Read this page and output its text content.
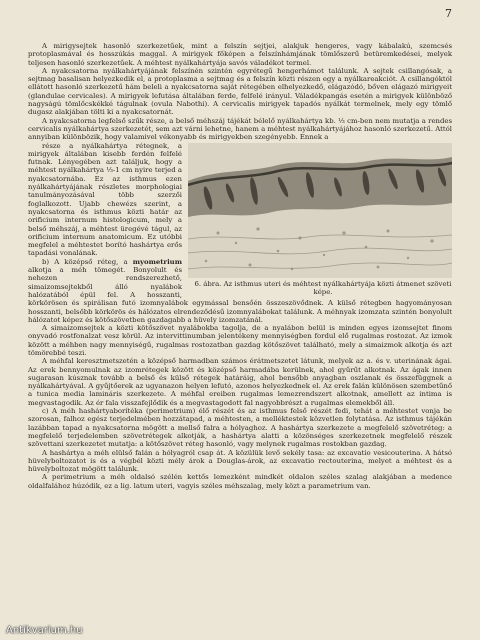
7

A mirigysejtek hasonló szerkezetűek, mint a felszín sejtjei, alakjuk hengeres, vagy kábalakú, szemcsés protoplasmával és hosszúkás maggal. A mirigyek főképen a felszínhámjának tömlőszerű betüremkedései, melyek teljesen hasonló szerkezetűek. A méhtest nyálkahártyája savós váladékot termel.

A nyakcsatorna nyálkahártyájának felszínén szintén egyrétegű hengerhámot találunk. A sejtek csillangósak, a sejtmag basalisan helyezkedik el, a protoplasma a sejtmag és a felszín közti részen egy a nyálkareakciót. A csillangóktól ellátott hasonló szerkezetű hám beleli a nyakcsatorna saját rétegében elhelyezkedő, elágazódó, bőven elágazó mirigyeit (glandulae cervicales). A mirigyek lefutása általában ferde, felfelé irányul. Váladékpangás esetén a mirigyek különböző nagyságú tömlőcskékké tágulnak (ovula Nabothi). A cervicalis mirigyek tapadós nyálkát termelnek, mely egy tömlő dugasz alakjában tölti ki a nyakcsatornát.

A nyakcsatorna legfelső szűk része, a belső méhszáj tájékát bélelő nyálkahártya kb. ⅓ cm-ben nem mutatja a rendes cervicalis nyálkahártya szerkezetét, sem azt várni lehetne, hanem a méhtest nyálkahártyájához hasonló szerkezetű. Attól annyiban különbözik, hogy valamivel vékonyabb és mirigyekben szegényebb. Ennek a

6. ábra. Az isthmus uteri és méhtest nyálkahártyája közti átmenet szöveti képe.

része a nyálkahártya rétegnek, a mirigyek általában kisebb ferdén felfelé futnak. Lényegében azt találjuk, hogy a méhtest nyálkahártya ⅓-1 cm nyire terjed a nyakcsatornába. Ez az isthmus ezen nyálkahártyájának részletes morphologiai tanulmányozásával több szerzői foglalkozott. Ujabb chewézs szerint, a nyakcsatorna és isthmus közti határ az orificium internum histologicum, mely a belső méhszáj, a méhtest üregévé tágul, az orificium internum anatomicum. Ez utóbbi megfelel a méhtestet borító hashártya erős tapadási vonalának.

b) A középső réteg, a myometrium alkotja a méh tömegét. Bonyolult és nehezen rendszerezhető, simaizomsejtekből álló nyalábok halózatából épül fel. A hosszanti, körkörösen és spirálisan futó izomnyalábok egymással bensőén összeszövődnek. A külső rétegben hagyományosan hosszanti, belsőbb körkörös és hálózatos elrendeződésű izomnyalábokat találunk. A méhnyak izomzata szintén bonyolult hálózatot képez és kötőszövetben gazdagabb a hüvely izomzatánál.

A simaizomsejtek a közti kötőszövet nyalábokba tagolja, de a nyalábon belül is minden egyes izomsejtet finom onyvadó rostfonalzat vesz körül. Az intervittinumban jelentékeny mennyiségben fordul elő rugalmas rostozat. Az izmok között a méhben nagy mennyiségű, rugalmas rostozatban gazdag kötőszövet található, mely a simaizmok alkotja és azt tömörebbé teszi.

A méhfal keresztmetszetén a középső harmadban számos érátmetszetet látunk, melyek az a. és v. uterinának ágai. Az erek bennyomulnak az izomrétegek között és középső harmadába kerülnek, ahol gyűrűt alkotnak. Az ágak innen sugarasan kúsznak tovább a belső és külső rétegek határáig, ahol bensőbb anyagban oszlanak és összefüggnek a nyálkahártyával. A gyűjtőerek az ugyanazon helyen lefutó, azonos helyezkednek el. Az erek falán különösen szembetűnő a tunica media lamináris szerkezete. A méhfal ereiben rugalmas lemezrendszert alkotnak, amellett az intima is megvastagodik. Az ér fala visszafejlődik és a megvastagodott fal nagyobbrészt a rugalmas elemekből áll.

c) A méh hashártyaborítéka (perimetrium) élő részét és az isthmus felső részét fedi, tehát a méhtestet vonja be szorosan, falhoz egész terjedelmében hozzátapad, a méhtesten, a melléktestek közvetlen folytatása. Az isthmus tájékán lazábban tapad a nyakcsatorna mögött a mellső falra a hólyaghoz. A hashártya szerkezete a megfelelő szövetréteg: a megfelelő terjedelemben szövetrétegek alkotják, a hashártya alatti a közönséges szerkezetnek megfelelő részek szövettani szerkezetet mutatja: a kötőszövet réteg hasonló, vagy melynek rugalmas rostokban gazdag.

A hashártya a méh elülső falán a hólyagról csap át. A közülük levő sekély tasa: az excavatio vesicouterina. A hátsó hüvelyboltozatot is és a végbél közti mély árok a Douglas-árok, az excavatio rectouterina, melyet a méhtest és a hüvelyboltozat mögött találunk.

A perimetrium a méh oldalsó szélén kettős lemezként mindkét oldalon széles szalag alakjában a medence oldalfalához húzódik, ez a lig. latum uteri, vagyis széles méhszalag, mely közt a parametrium van.

Antikvarium.hu
